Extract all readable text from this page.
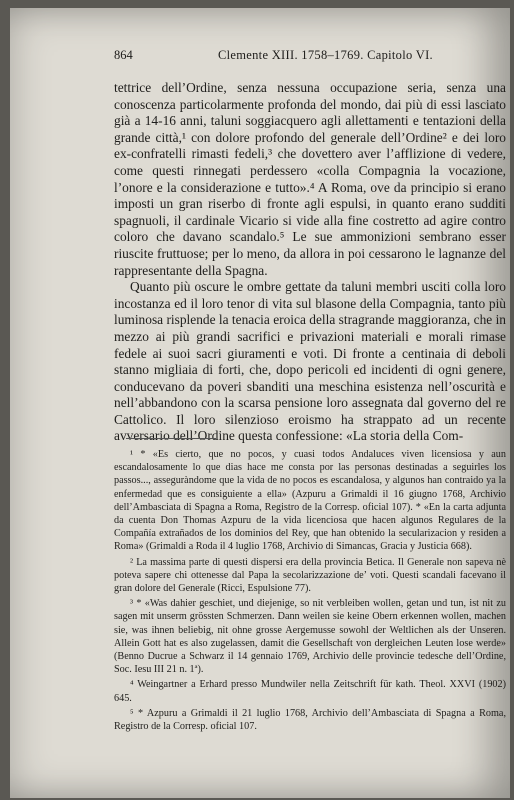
864	Clemente XIII. 1758–1769. Capitolo VI.

tettrice dell’Ordine, senza nessuna occupazione seria, senza una conoscenza particolarmente profonda del mondo, dai più di essi lasciato già a 14-16 anni, taluni soggiacquero agli allettamenti e tentazioni della grande città,¹ con dolore profondo del generale dell’Ordine² e dei loro ex-confratelli rimasti fedeli,³ che dovettero aver l’afflizione di vedere, come questi rinnegati perdessero «colla Compagnia la vocazione, l’onore e la considerazione e tutto».⁴ A Roma, ove da principio si erano imposti un gran riserbo di fronte agli espulsi, in quanto erano sudditi spagnuoli, il cardinale Vicario si vide alla fine costretto ad agire contro coloro che davano scandalo.⁵ Le sue ammonizioni sembrano esser riuscite fruttuose; per lo meno, da allora in poi cessarono le lagnanze del rappresentante della Spagna.

Quanto più oscure le ombre gettate da taluni membri usciti colla loro incostanza ed il loro tenor di vita sul blasone della Compagnia, tanto più luminosa risplende la tenacia eroica della stragrande maggioranza, che in mezzo ai più grandi sacrifici e privazioni materiali e morali rimase fedele ai suoi sacri giuramenti e voti. Di fronte a centinaia di deboli stanno migliaia di forti, che, dopo pericoli ed incidenti di ogni genere, conducevano da poveri sbanditi una meschina esistenza nell’oscurità e nell’abbandono con la scarsa pensione loro assegnata dal governo del re Cattolico. Il loro silenzioso eroismo ha strappato ad un recente avversario dell’Ordine questa confessione: «La storia della Com-

¹ * «Es cierto, que no pocos, y cuasi todos Andaluces viven licensiosa y aun escandalosamente lo que dias hace me consta por las personas destinadas a seguirles los passos..., asseguràndome que la vida de no pocos es escandalosa, y algunos han contraido ya la enfermedad que es consiguiente a ella» (Azpuru a Grimaldi il 16 giugno 1768, Archivio dell’Ambasciata di Spagna a Roma, Registro de la Corresp. oficial 107). * «En la carta adjunta da cuenta Don Thomas Azpuru de la vida licenciosa que hacen algunos Regulares de la Compañía extrañados de los dominios del Rey, que han obtenido la secularizacion y residen a Roma» (Grimaldi a Roda il 4 luglio 1768, Archivio di Simancas, Gracia y Justicia 668).

² La massima parte di questi dispersi era della provincia Betica. Il Generale non sapeva nè poteva sapere chi ottenesse dal Papa la secolarizzazione de’ voti. Questi scandali facevano il gran dolore del Generale (Ricci, Espulsione 77).

³ * «Was dahier geschiet, und diejenige, so nit verbleiben wollen, getan und tun, ist nit zu sagen mit unserm grössten Schmerzen. Dann weilen sie keine Obern erkennen wollen, machen sie, was ihnen beliebig, nit ohne grosse Aergemusse sowohl der Weltlichen als der Unseren. Allein Gott hat es also zugelassen, damit die Gesellschaft von dergleichen Leuten lose werde» (Benno Ducrue a Schwarz il 14 gennaio 1769, Archivio delle provincie tedesche dell’Ordine, Soc. Iesu III 21 n. 1ª).

⁴ Weingartner a Erhard presso Mundwiler nella Zeitschrift für kath. Theol. XXVI (1902) 645.

⁵ * Azpuru a Grimaldi il 21 luglio 1768, Archivio dell’Ambasciata di Spagna a Roma, Registro de la Corresp. oficial 107.
